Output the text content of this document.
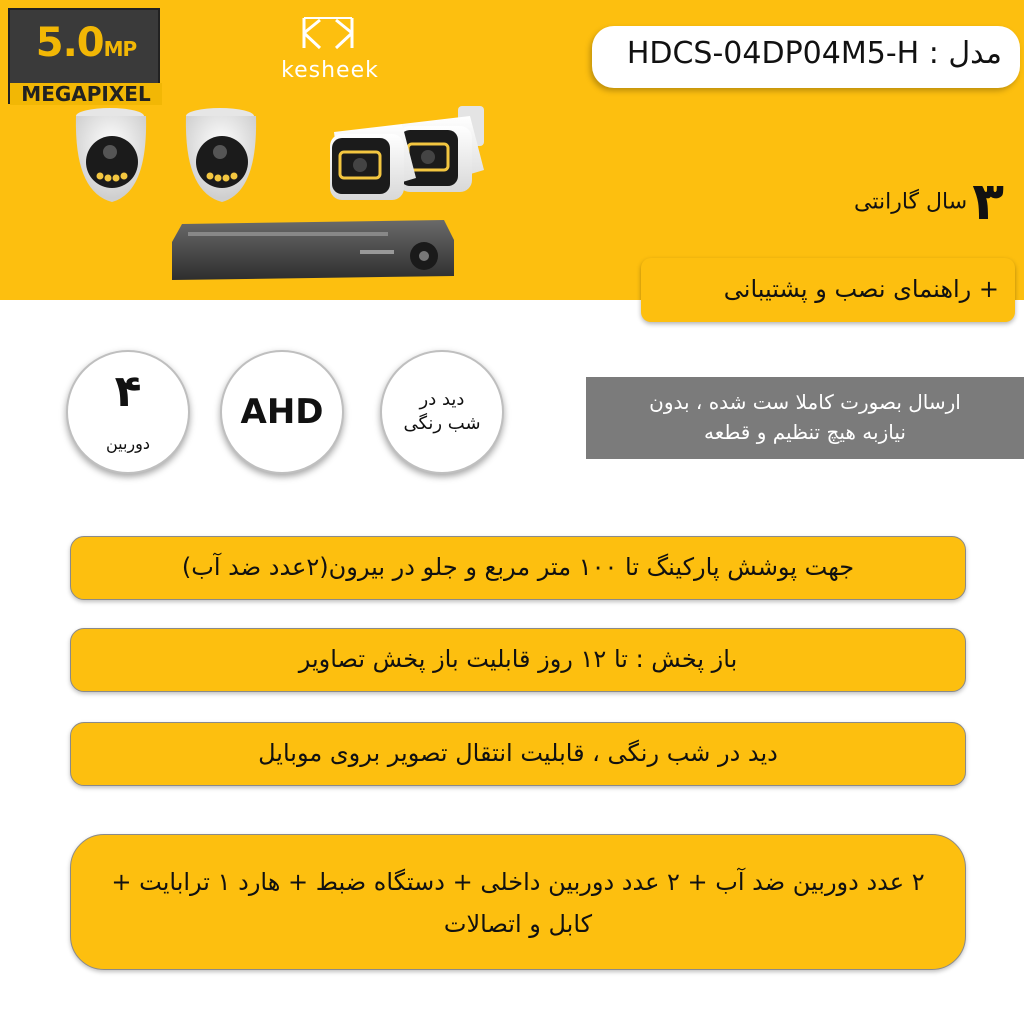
5.0MP
MEGAPIXEL
kesheek	مدل : HDCS-04DP04M5-H
۳ سال گارانتی
+ راهنمای نصب و پشتیبانی
۴
دوربین
AHD	دید در
شب رنگی
ارسال بصورت کاملا ست شده ، بدون
نیازبه هیچ تنظیم و قطعه
جهت پوشش پارکینگ تا ۱۰۰ متر مربع و جلو در بیرون(۲عدد ضد آب)
باز پخش : تا ۱۲ روز قابلیت باز پخش تصاویر
دید در شب رنگی ، قابلیت انتقال تصویر بروی موبایل
۲ عدد دوربین ضد آب + ۲ عدد دوربین داخلی + دستگاه ضبط + هارد ۱ ترابایت + کابل و اتصالات
